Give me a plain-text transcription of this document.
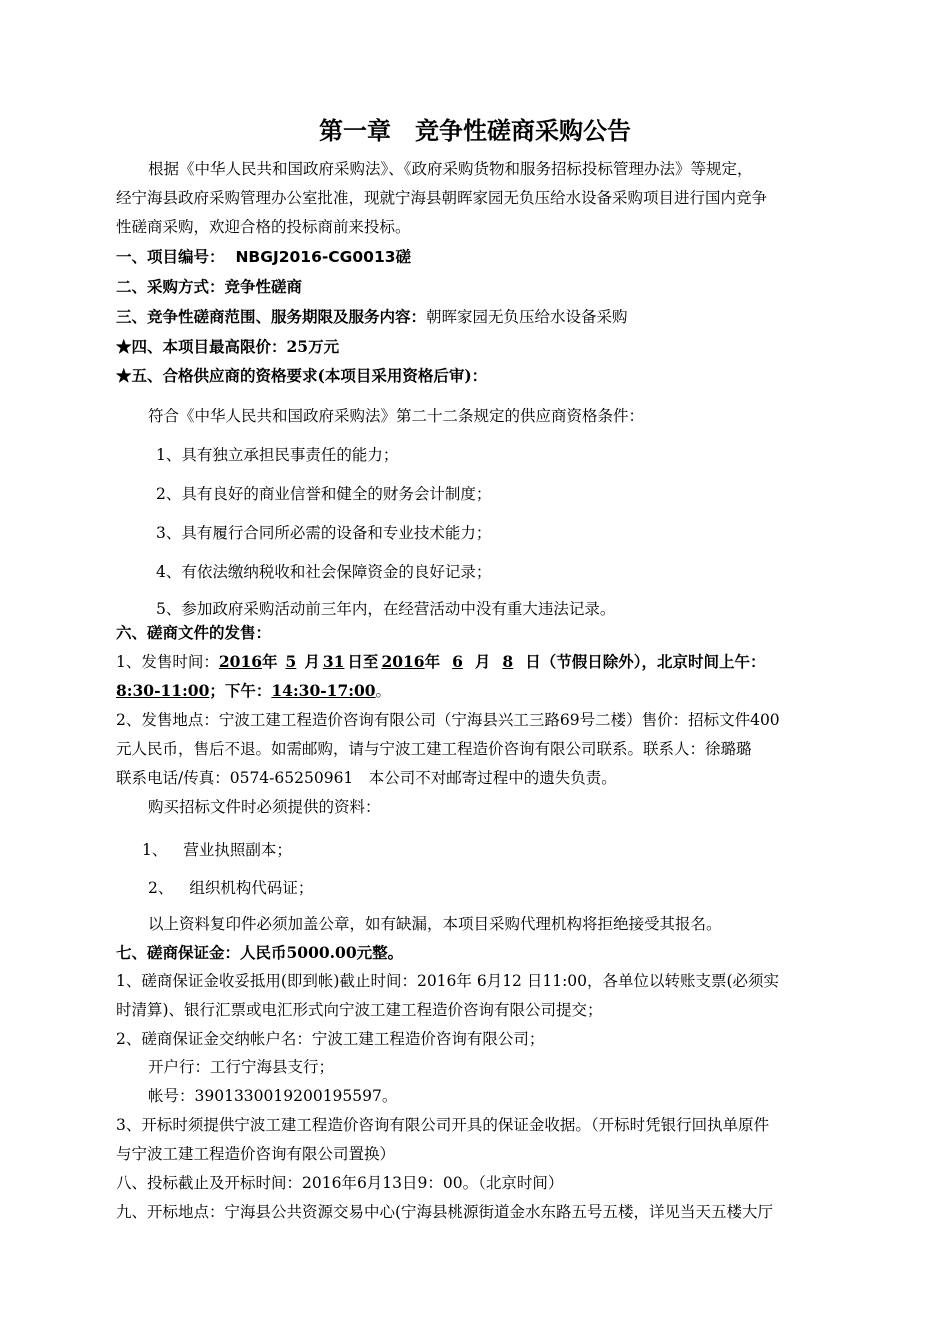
第一章　竞争性磋商采购公告
根据《中华人民共和国政府采购法》、《政府采购货物和服务招标投标管理办法》等规定，
经宁海县政府采购管理办公室批准，现就宁海县朝晖家园无负压给水设备采购项目进行国内竞争
性磋商采购，欢迎合格的投标商前来投标。
一、项目编号： NBGJ2016-CG0013磋
二、采购方式：竞争性磋商
三、竞争性磋商范围、服务期限及服务内容：朝晖家园无负压给水设备采购
★四、本项目最高限价：25万元
★五、合格供应商的资格要求(本项目采用资格后审)：
符合《中华人民共和国政府采购法》第二十二条规定的供应商资格条件：
1、具有独立承担民事责任的能力；
2、具有良好的商业信誉和健全的财务会计制度；
3、具有履行合同所必需的设备和专业技术能力；
4、有依法缴纳税收和社会保障资金的良好记录；
5、参加政府采购活动前三年内，在经营活动中没有重大违法记录。
六、磋商文件的发售：
1、发售时间：2016年 5 月 31 日至 2016年 6 月 8 日（节假日除外），北京时间上午：
8:30-11:00；下午：14:30-17:00。
2、发售地点：宁波工建工程造价咨询有限公司（宁海县兴工三路69号二楼）售价：招标文件400
元人民币，售后不退。如需邮购，请与宁波工建工程造价咨询有限公司联系。联系人：徐璐璐
联系电话/传真：0574-65250961　本公司不对邮寄过程中的遗失负责。
购买招标文件时必须提供的资料：
1、 营业执照副本；
2、 组织机构代码证；
以上资料复印件必须加盖公章，如有缺漏，本项目采购代理机构将拒绝接受其报名。
七、磋商保证金：人民币5000.00元整。
1、磋商保证金收妥抵用(即到帐)截止时间：2016年 6月12 日11:00，各单位以转账支票(必须实
时清算)、银行汇票或电汇形式向宁波工建工程造价咨询有限公司提交；
2、磋商保证金交纳帐户名：宁波工建工程造价咨询有限公司；
开户行：工行宁海县支行；
帐号：3901330019200195597。
3、开标时须提供宁波工建工程造价咨询有限公司开具的保证金收据。（开标时凭银行回执单原件
与宁波工建工程造价咨询有限公司置换）
八、投标截止及开标时间：2016年6月13日9：00。（北京时间）
九、开标地点：宁海县公共资源交易中心(宁海县桃源街道金水东路五号五楼，详见当天五楼大厅
